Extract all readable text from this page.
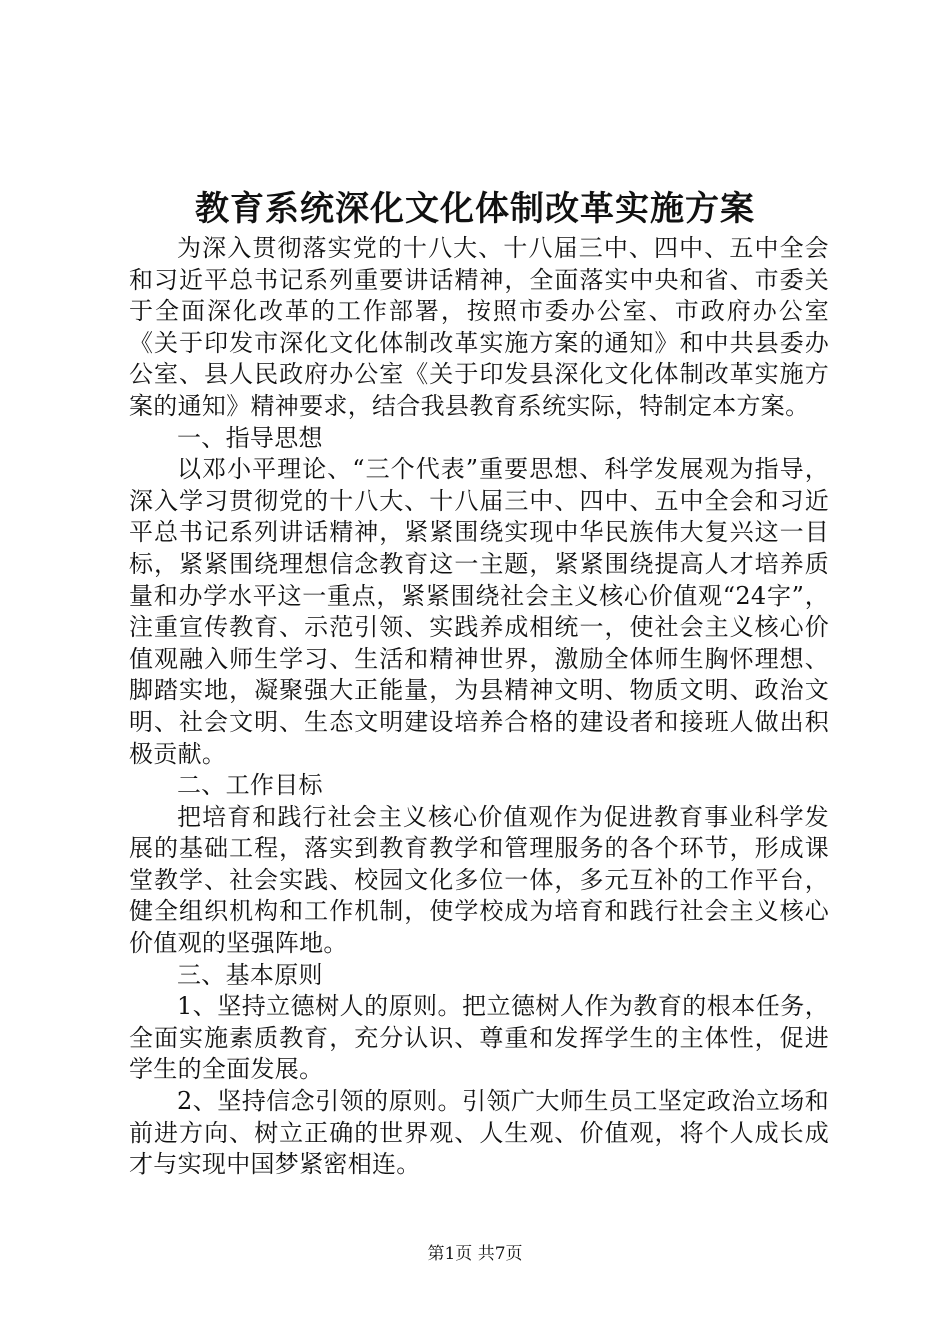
教育系统深化文化体制改革实施方案

为深入贯彻落实党的十八大、十八届三中、四中、五中全会和习近平总书记系列重要讲话精神，全面落实中央和省、市委关于全面深化改革的工作部署，按照市委办公室、市政府办公室《关于印发市深化文化体制改革实施方案的通知》和中共县委办公室、县人民政府办公室《关于印发县深化文化体制改革实施方案的通知》精神要求，结合我县教育系统实际，特制定本方案。

一、指导思想

以邓小平理论、“三个代表”重要思想、科学发展观为指导，深入学习贯彻党的十八大、十八届三中、四中、五中全会和习近平总书记系列讲话精神，紧紧围绕实现中华民族伟大复兴这一目标，紧紧围绕理想信念教育这一主题，紧紧围绕提高人才培养质量和办学水平这一重点，紧紧围绕社会主义核心价值观“24字”，注重宣传教育、示范引领、实践养成相统一，使社会主义核心价值观融入师生学习、生活和精神世界，激励全体师生胸怀理想、脚踏实地，凝聚强大正能量，为县精神文明、物质文明、政治文明、社会文明、生态文明建设培养合格的建设者和接班人做出积极贡献。

二、工作目标

把培育和践行社会主义核心价值观作为促进教育事业科学发展的基础工程，落实到教育教学和管理服务的各个环节，形成课堂教学、社会实践、校园文化多位一体，多元互补的工作平台，健全组织机构和工作机制，使学校成为培育和践行社会主义核心价值观的坚强阵地。

三、基本原则

1、坚持立德树人的原则。把立德树人作为教育的根本任务，全面实施素质教育，充分认识、尊重和发挥学生的主体性，促进学生的全面发展。

2、坚持信念引领的原则。引领广大师生员工坚定政治立场和前进方向、树立正确的世界观、人生观、价值观，将个人成长成才与实现中国梦紧密相连。

第1页 共7页
